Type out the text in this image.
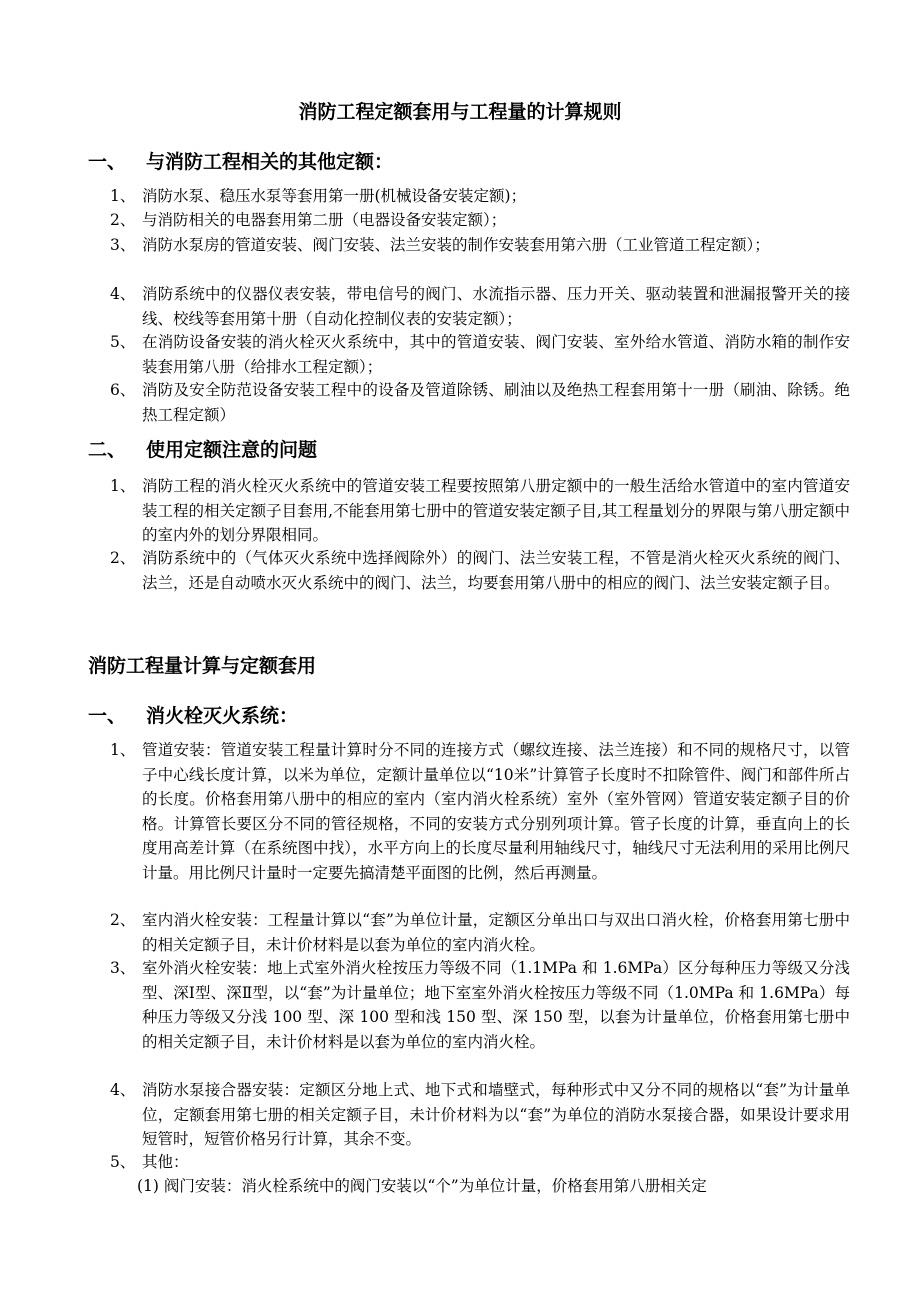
消防工程定额套用与工程量的计算规则
一、 与消防工程相关的其他定额：
1、 消防水泵、稳压水泵等套用第一册(机械设备安装定额)；
2、 与消防相关的电器套用第二册（电器设备安装定额）；
3、 消防水泵房的管道安装、阀门安装、法兰安装的制作安装套用第六册（工业管道工程定额）；
4、 消防系统中的仪器仪表安装，带电信号的阀门、水流指示器、压力开关、驱动装置和泄漏报警开关的接线、校线等套用第十册（自动化控制仪表的安装定额）；
5、 在消防设备安装的消火栓灭火系统中，其中的管道安装、阀门安装、室外给水管道、消防水箱的制作安装套用第八册（给排水工程定额）；
6、 消防及安全防范设备安装工程中的设备及管道除锈、刷油以及绝热工程套用第十一册（刷油、除锈。绝热工程定额）
二、 使用定额注意的问题
1、 消防工程的消火栓灭火系统中的管道安装工程要按照第八册定额中的一般生活给水管道中的室内管道安装工程的相关定额子目套用,不能套用第七册中的管道安装定额子目,其工程量划分的界限与第八册定额中的室内外的划分界限相同。
2、 消防系统中的（气体灭火系统中选择阀除外）的阀门、法兰安装工程，不管是消火栓灭火系统的阀门、法兰，还是自动喷水灭火系统中的阀门、法兰，均要套用第八册中的相应的阀门、法兰安装定额子目。
消防工程量计算与定额套用
一、 消火栓灭火系统：
1、 管道安装：管道安装工程量计算时分不同的连接方式（螺纹连接、法兰连接）和不同的规格尺寸，以管子中心线长度计算，以米为单位，定额计量单位以“10米”计算管子长度时不扣除管件、阀门和部件所占的长度。价格套用第八册中的相应的室内（室内消火栓系统）室外（室外管网）管道安装定额子目的价格。计算管长要区分不同的管径规格，不同的安装方式分别列项计算。管子长度的计算，垂直向上的长度用高差计算（在系统图中找），水平方向上的长度尽量利用轴线尺寸，轴线尺寸无法利用的采用比例尺计量。用比例尺计量时一定要先搞清楚平面图的比例，然后再测量。
2、 室内消火栓安装：工程量计算以“套”为单位计量，定额区分单出口与双出口消火栓，价格套用第七册中的相关定额子目，未计价材料是以套为单位的室内消火栓。
3、 室外消火栓安装：地上式室外消火栓按压力等级不同（1.1MPa 和 1.6MPa）区分每种压力等级又分浅型、深Ⅰ型、深Ⅱ型，以“套”为计量单位；地下室室外消火栓按压力等级不同（1.0MPa 和 1.6MPa）每种压力等级又分浅 100 型、深 100 型和浅 150 型、深 150 型，以套为计量单位，价格套用第七册中的相关定额子目，未计价材料是以套为单位的室内消火栓。
4、 消防水泵接合器安装：定额区分地上式、地下式和墙壁式，每种形式中又分不同的规格以“套”为计量单位，定额套用第七册的相关定额子目，未计价材料为以“套”为单位的消防水泵接合器，如果设计要求用短管时，短管价格另行计算，其余不变。
5、 其他：
(1) 阀门安装：消火栓系统中的阀门安装以“个”为单位计量，价格套用第八册相关定
